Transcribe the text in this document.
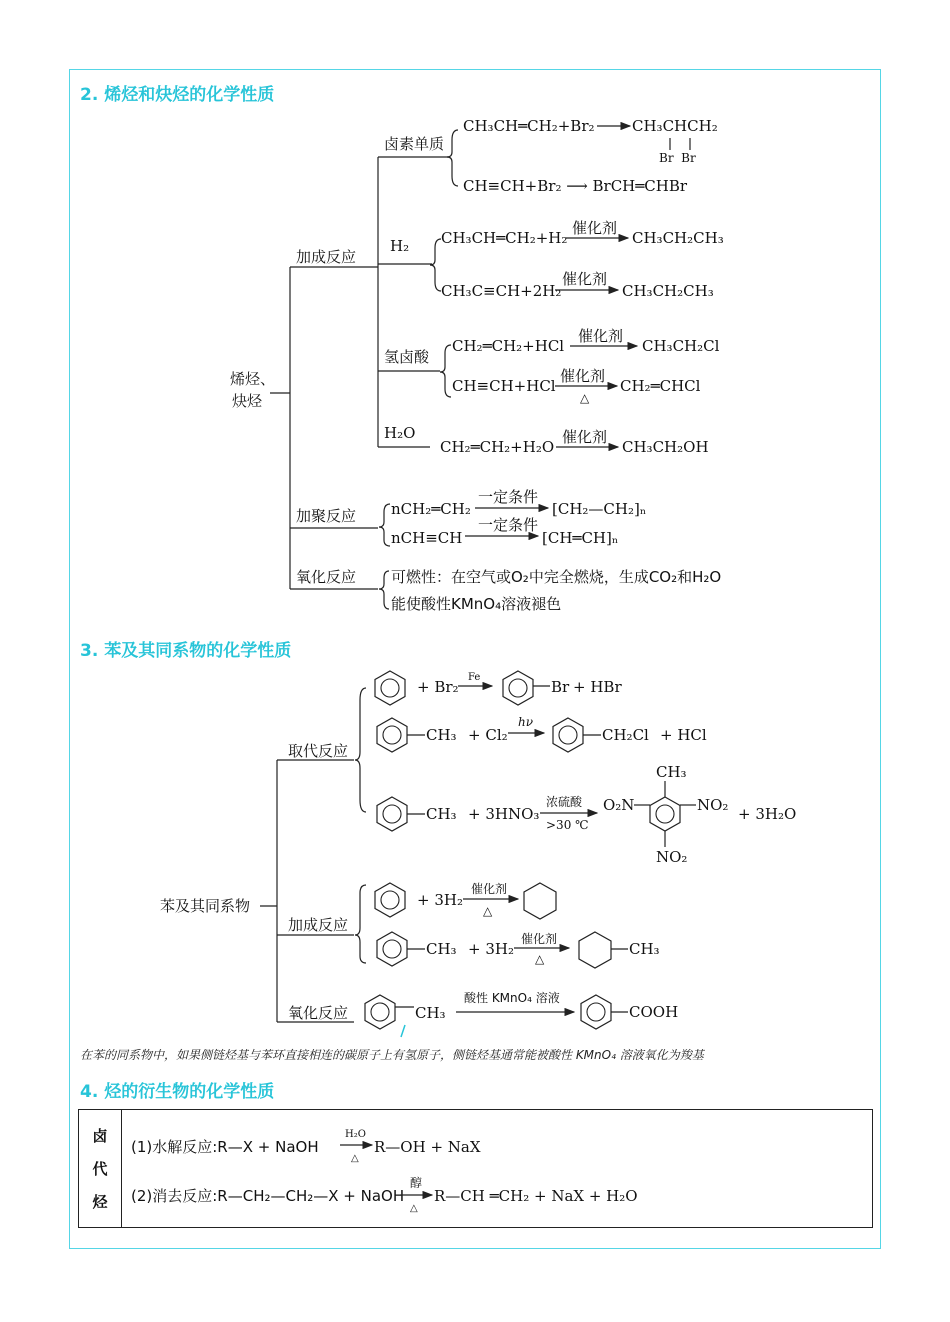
2. 烯烃和炔烃的化学性质
3. 苯及其同系物的化学性质
4. 烃的衍生物的化学性质
烯烃、
炔烃
加成反应
加聚反应
氧化反应
卤素单质
CH₃CH═CH₂+Br₂ CH₃CHCH₂
Br  Br
CH≡CH+Br₂ ⟶ BrCH═CHBr
H₂ CH₃CH═CH₂+H₂
催化剂
CH₃CH₂CH₃
CH₃C≡CH+2H₂
催化剂
CH₃CH₂CH₃
氢卤酸
CH₂═CH₂+HCl
催化剂
CH₃CH₂Cl
CH≡CH+HCl
催化剂
△
CH₂═CHCl
H₂O
CH₂═CH₂+H₂O
催化剂
CH₃CH₂OH
nCH₂═CH₂
一定条件
[CH₂—CH₂]ₙ
nCH≡CH
一定条件
[CH═CH]ₙ
可燃性：在空气或O₂中完全燃烧，生成CO₂和H₂O
能使酸性KMnO₄溶液褪色
苯及其同系物
取代反应
加成反应
氧化反应
+ Br₂
Fe
Br + HBr
CH₃ + Cl₂
hν
CH₂Cl + HCl
CH₃ + 3HNO₃
浓硫酸
>30 ℃
CH₃
O₂N	NO₂
NO₂
+ 3H₂O
+ 3H₂
催化剂
△
CH₃ + 3H₂
催化剂
△
CH₃
CH₃
酸性 KMnO₄ 溶液
COOH
(1)水解反应:R—X + NaOH
H₂O
△
R—OH + NaX
(2)消去反应:R—CH₂—CH₂—X + NaOH
醇
△
R—CH ═CH₂ + NaX + H₂O
在苯的同系物中，如果侧链烃基与苯环直接相连的碳原子上有氢原子，侧链烃基通常能被酸性 KMnO₄ 溶液氧化为羧基
卤
代
烃
